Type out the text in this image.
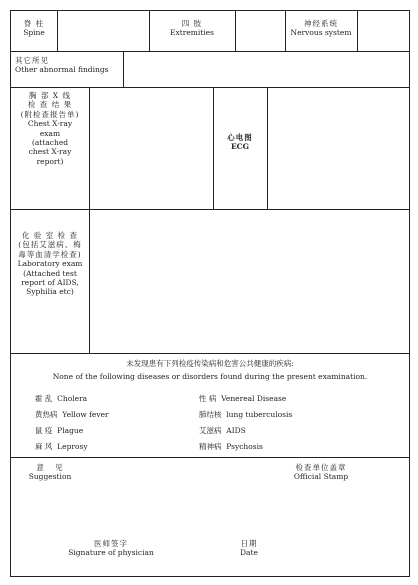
脊 柱
Spine
四 肢
Extremities
神经系统
Nervous system
其它所见
Other abnormal findings
胸 部 X 线
检 查 结 果
(附检查报告单)
Chest X-ray
exam
(attached
chest X-ray
report)
心电图
ECG
化 验 室 检 查
(包括艾滋病、梅
毒等血清学检查)
Laboratory exam
(Attached test
report of AIDS,
Syphilia etc)
未发现患有下列检疫传染病和危害公共健康的疾病:
None of the following diseases or disorders found during the present examination.
霍 乱 Cholera	性 病 Venereal Disease
黄热病 Yellow fever	肺结核 lung tuberculosis
鼠 疫 Plague	艾滋病 AIDS
麻 风 Leprosy	精神病 Psychosis
意   见
Suggestion
检查单位盖章
Official Stamp
医师签字
Signature of physician
日期
Date
